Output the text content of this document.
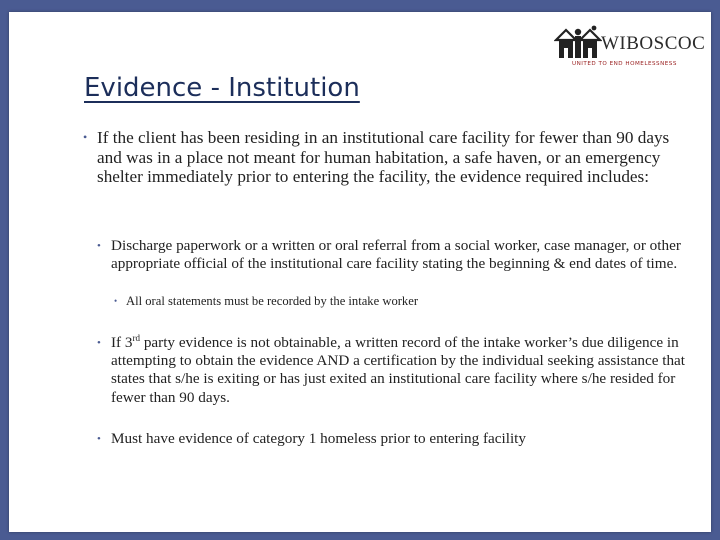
WIBOSCOC
UNITED TO END HOMELESSNESS
Evidence - Institution
• If the client has been residing in an institutional care facility for fewer than 90 days and was in a place not meant for human habitation, a safe haven, or an emergency shelter immediately prior to entering the facility, the evidence required includes:
• Discharge paperwork or a written or oral referral from a social worker, case manager, or other appropriate official of the institutional care facility stating the beginning & end dates of time.
• All oral statements must be recorded by the intake worker
• If 3rd party evidence is not obtainable, a written record of the intake worker’s due diligence in attempting to obtain the evidence AND a certification by the individual seeking assistance that states that s/he is exiting or has just exited an institutional care facility where s/he resided for fewer than 90 days.
• Must have evidence of category 1 homeless prior to entering facility
